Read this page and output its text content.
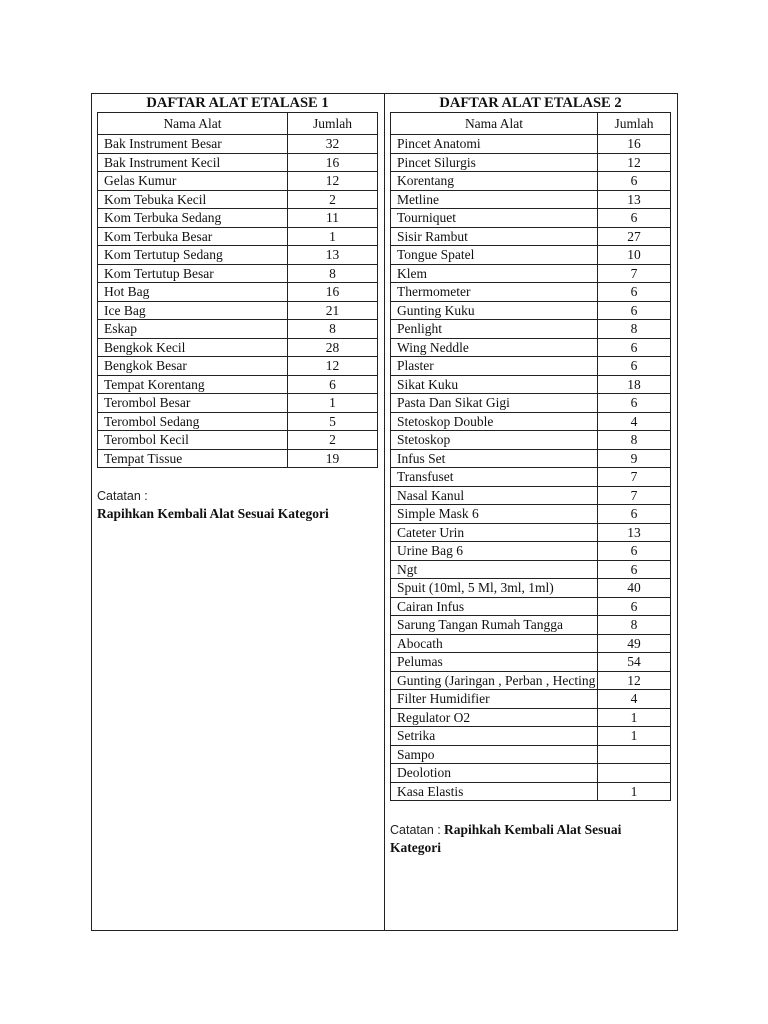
DAFTAR ALAT ETALASE 1
Nama Alat	Jumlah
Bak Instrument Besar	32
Bak Instrument Kecil	16
Gelas Kumur	12
Kom Tebuka Kecil	2
Kom Terbuka Sedang	11
Kom Terbuka Besar	1
Kom Tertutup Sedang	13
Kom Tertutup Besar	8
Hot Bag	16
Ice Bag	21
Eskap	8
Bengkok Kecil	28
Bengkok Besar	12
Tempat Korentang	6
Terombol Besar	1
Terombol Sedang	5
Terombol Kecil	2
Tempat Tissue	19
Catatan :
Rapihkan Kembali Alat Sesuai Kategori
DAFTAR ALAT ETALASE 2
Nama Alat	Jumlah
Pincet Anatomi	16
Pincet Silurgis	12
Korentang	6
Metline	13
Tourniquet	6
Sisir Rambut	27
Tongue Spatel	10
Klem	7
Thermometer	6
Gunting Kuku	6
Penlight	8
Wing Neddle	6
Plaster	6
Sikat Kuku	18
Pasta Dan Sikat Gigi	6
Stetoskop Double	4
Stetoskop	8
Infus Set	9
Transfuset	7
Nasal Kanul	7
Simple Mask 6	6
Cateter Urin	13
Urine Bag 6	6
Ngt	6
Spuit (10ml, 5 Ml, 3ml, 1ml)	40
Cairan Infus	6
Sarung Tangan Rumah Tangga	8
Abocath	49
Pelumas	54
Gunting (Jaringan , Perban , Hecting	12
Filter Humidifier	4
Regulator O2	1
Setrika	1
Sampo	
Deolotion	
Kasa Elastis	1
Catatan : Rapihkah Kembali Alat Sesuai Kategori
